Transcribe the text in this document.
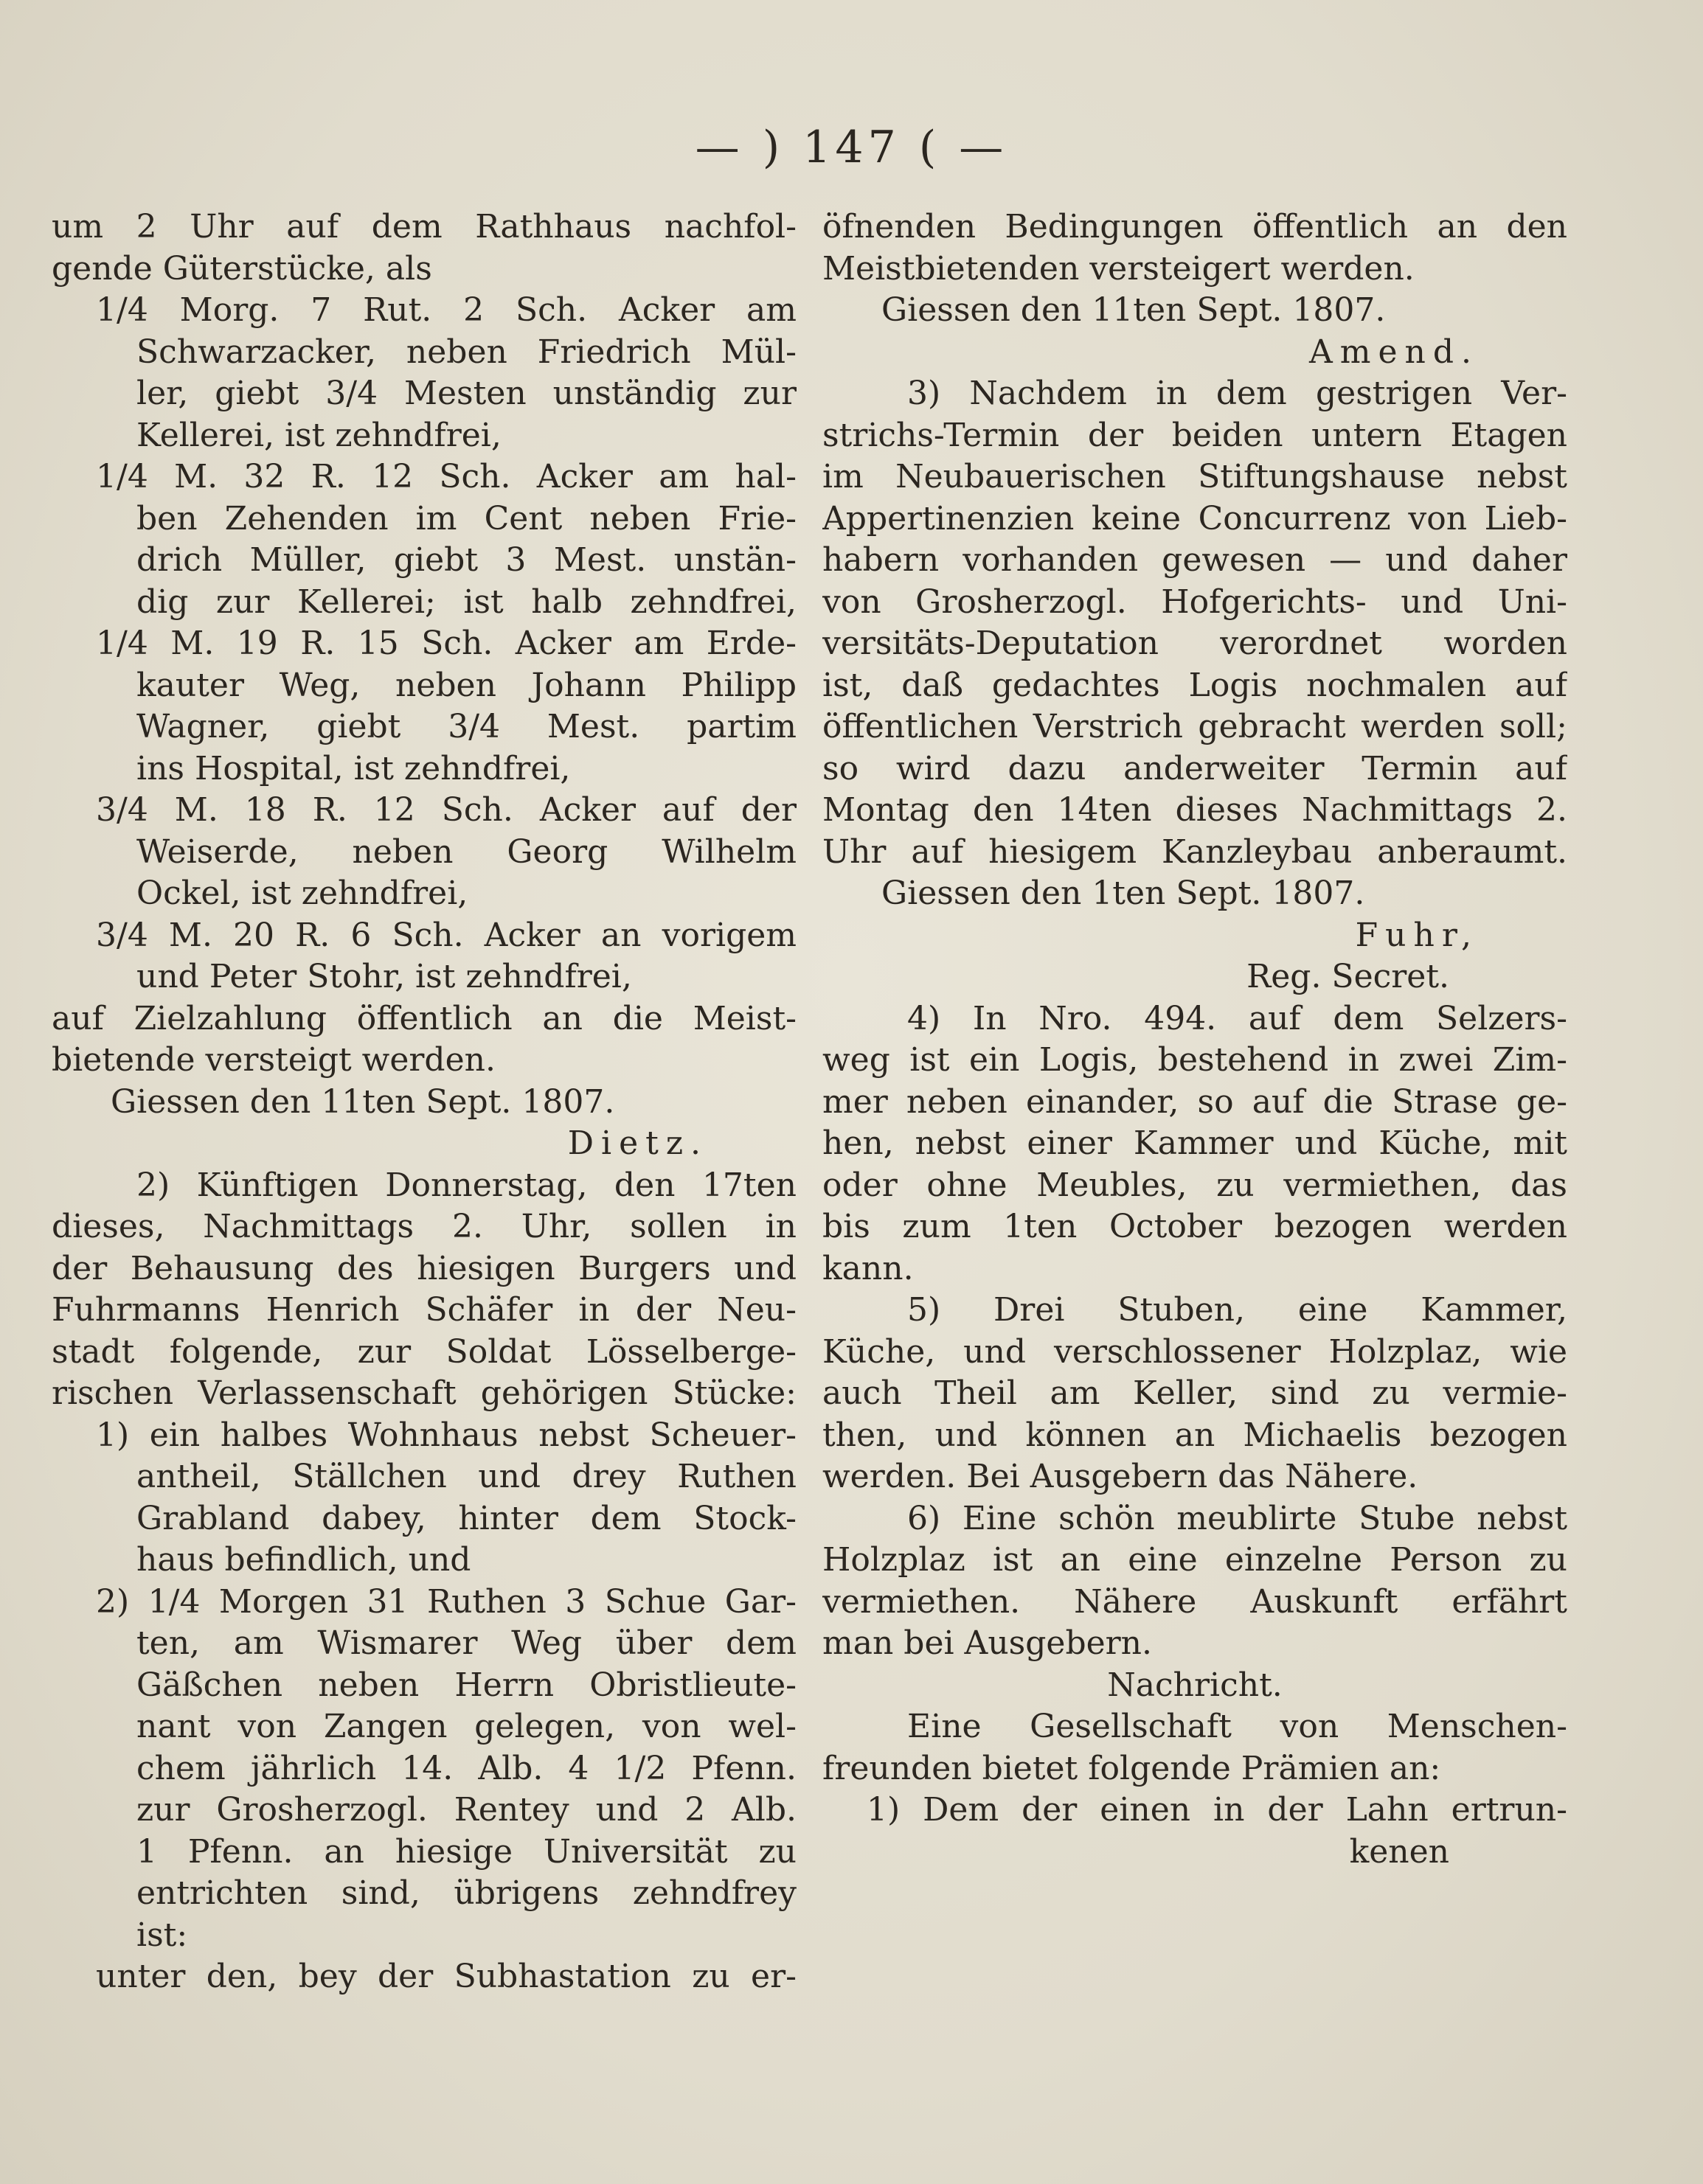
— ) 147 ( —
um 2 Uhr auf dem Rathhaus nachfol-
gende Güterstücke, als
1/4 Morg. 7 Rut. 2 Sch. Acker am
Schwarzacker, neben Friedrich Mül-
ler, giebt 3/4 Mesten unständig zur
Kellerei, ist zehndfrei,
1/4 M. 32 R. 12 Sch. Acker am hal-
ben Zehenden im Cent neben Frie-
drich Müller, giebt 3 Mest. unstän-
dig zur Kellerei; ist halb zehndfrei,
1/4 M. 19 R. 15 Sch. Acker am Erde-
kauter Weg, neben Johann Philipp
Wagner, giebt 3/4 Mest. partim
ins Hospital, ist zehndfrei,
3/4 M. 18 R. 12 Sch. Acker auf der
Weiserde, neben Georg Wilhelm
Ockel, ist zehndfrei,
3/4 M. 20 R. 6 Sch. Acker an vorigem
und Peter Stohr, ist zehndfrei,
auf Zielzahlung öffentlich an die Meist-
bietende versteigt werden.
Giessen den 11ten Sept. 1807.
Dietz.
2) Künftigen Donnerstag, den 17ten
dieses, Nachmittags 2. Uhr, sollen in
der Behausung des hiesigen Burgers und
Fuhrmanns Henrich Schäfer in der Neu-
stadt folgende, zur Soldat Lösselberge-
rischen Verlassenschaft gehörigen Stücke:
1) ein halbes Wohnhaus nebst Scheuer-
antheil, Ställchen und drey Ruthen
Grabland dabey, hinter dem Stock-
haus befindlich, und
2) 1/4 Morgen 31 Ruthen 3 Schue Gar-
ten, am Wismarer Weg über dem
Gäßchen neben Herrn Obristlieute-
nant von Zangen gelegen, von wel-
chem jährlich 14. Alb. 4 1/2 Pfenn.
zur Grosherzogl. Rentey und 2 Alb.
1 Pfenn. an hiesige Universität zu
entrichten sind, übrigens zehndfrey
ist:
unter den, bey der Subhastation zu er-
öfnenden Bedingungen öffentlich an den
Meistbietenden versteigert werden.
Giessen den 11ten Sept. 1807.
Amend.
3) Nachdem in dem gestrigen Ver-
strichs-Termin der beiden untern Etagen
im Neubauerischen Stiftungshause nebst
Appertinenzien keine Concurrenz von Lieb-
habern vorhanden gewesen — und daher
von Grosherzogl. Hofgerichts- und Uni-
versitäts-Deputation verordnet worden
ist, daß gedachtes Logis nochmalen auf
öffentlichen Verstrich gebracht werden soll;
so wird dazu anderweiter Termin auf
Montag den 14ten dieses Nachmittags 2.
Uhr auf hiesigem Kanzleybau anberaumt.
Giessen den 1ten Sept. 1807.
Fuhr,
Reg. Secret.
4) In Nro. 494. auf dem Selzers-
weg ist ein Logis, bestehend in zwei Zim-
mer neben einander, so auf die Strase ge-
hen, nebst einer Kammer und Küche, mit
oder ohne Meubles, zu vermiethen, das
bis zum 1ten October bezogen werden
kann.
5) Drei Stuben, eine Kammer,
Küche, und verschlossener Holzplaz, wie
auch Theil am Keller, sind zu vermie-
then, und können an Michaelis bezogen
werden. Bei Ausgebern das Nähere.
6) Eine schön meublirte Stube nebst
Holzplaz ist an eine einzelne Person zu
vermiethen. Nähere Auskunft erfährt
man bei Ausgebern.
Nachricht.
Eine Gesellschaft von Menschen-
freunden bietet folgende Prämien an:
1) Dem der einen in der Lahn ertrun-
kenen
